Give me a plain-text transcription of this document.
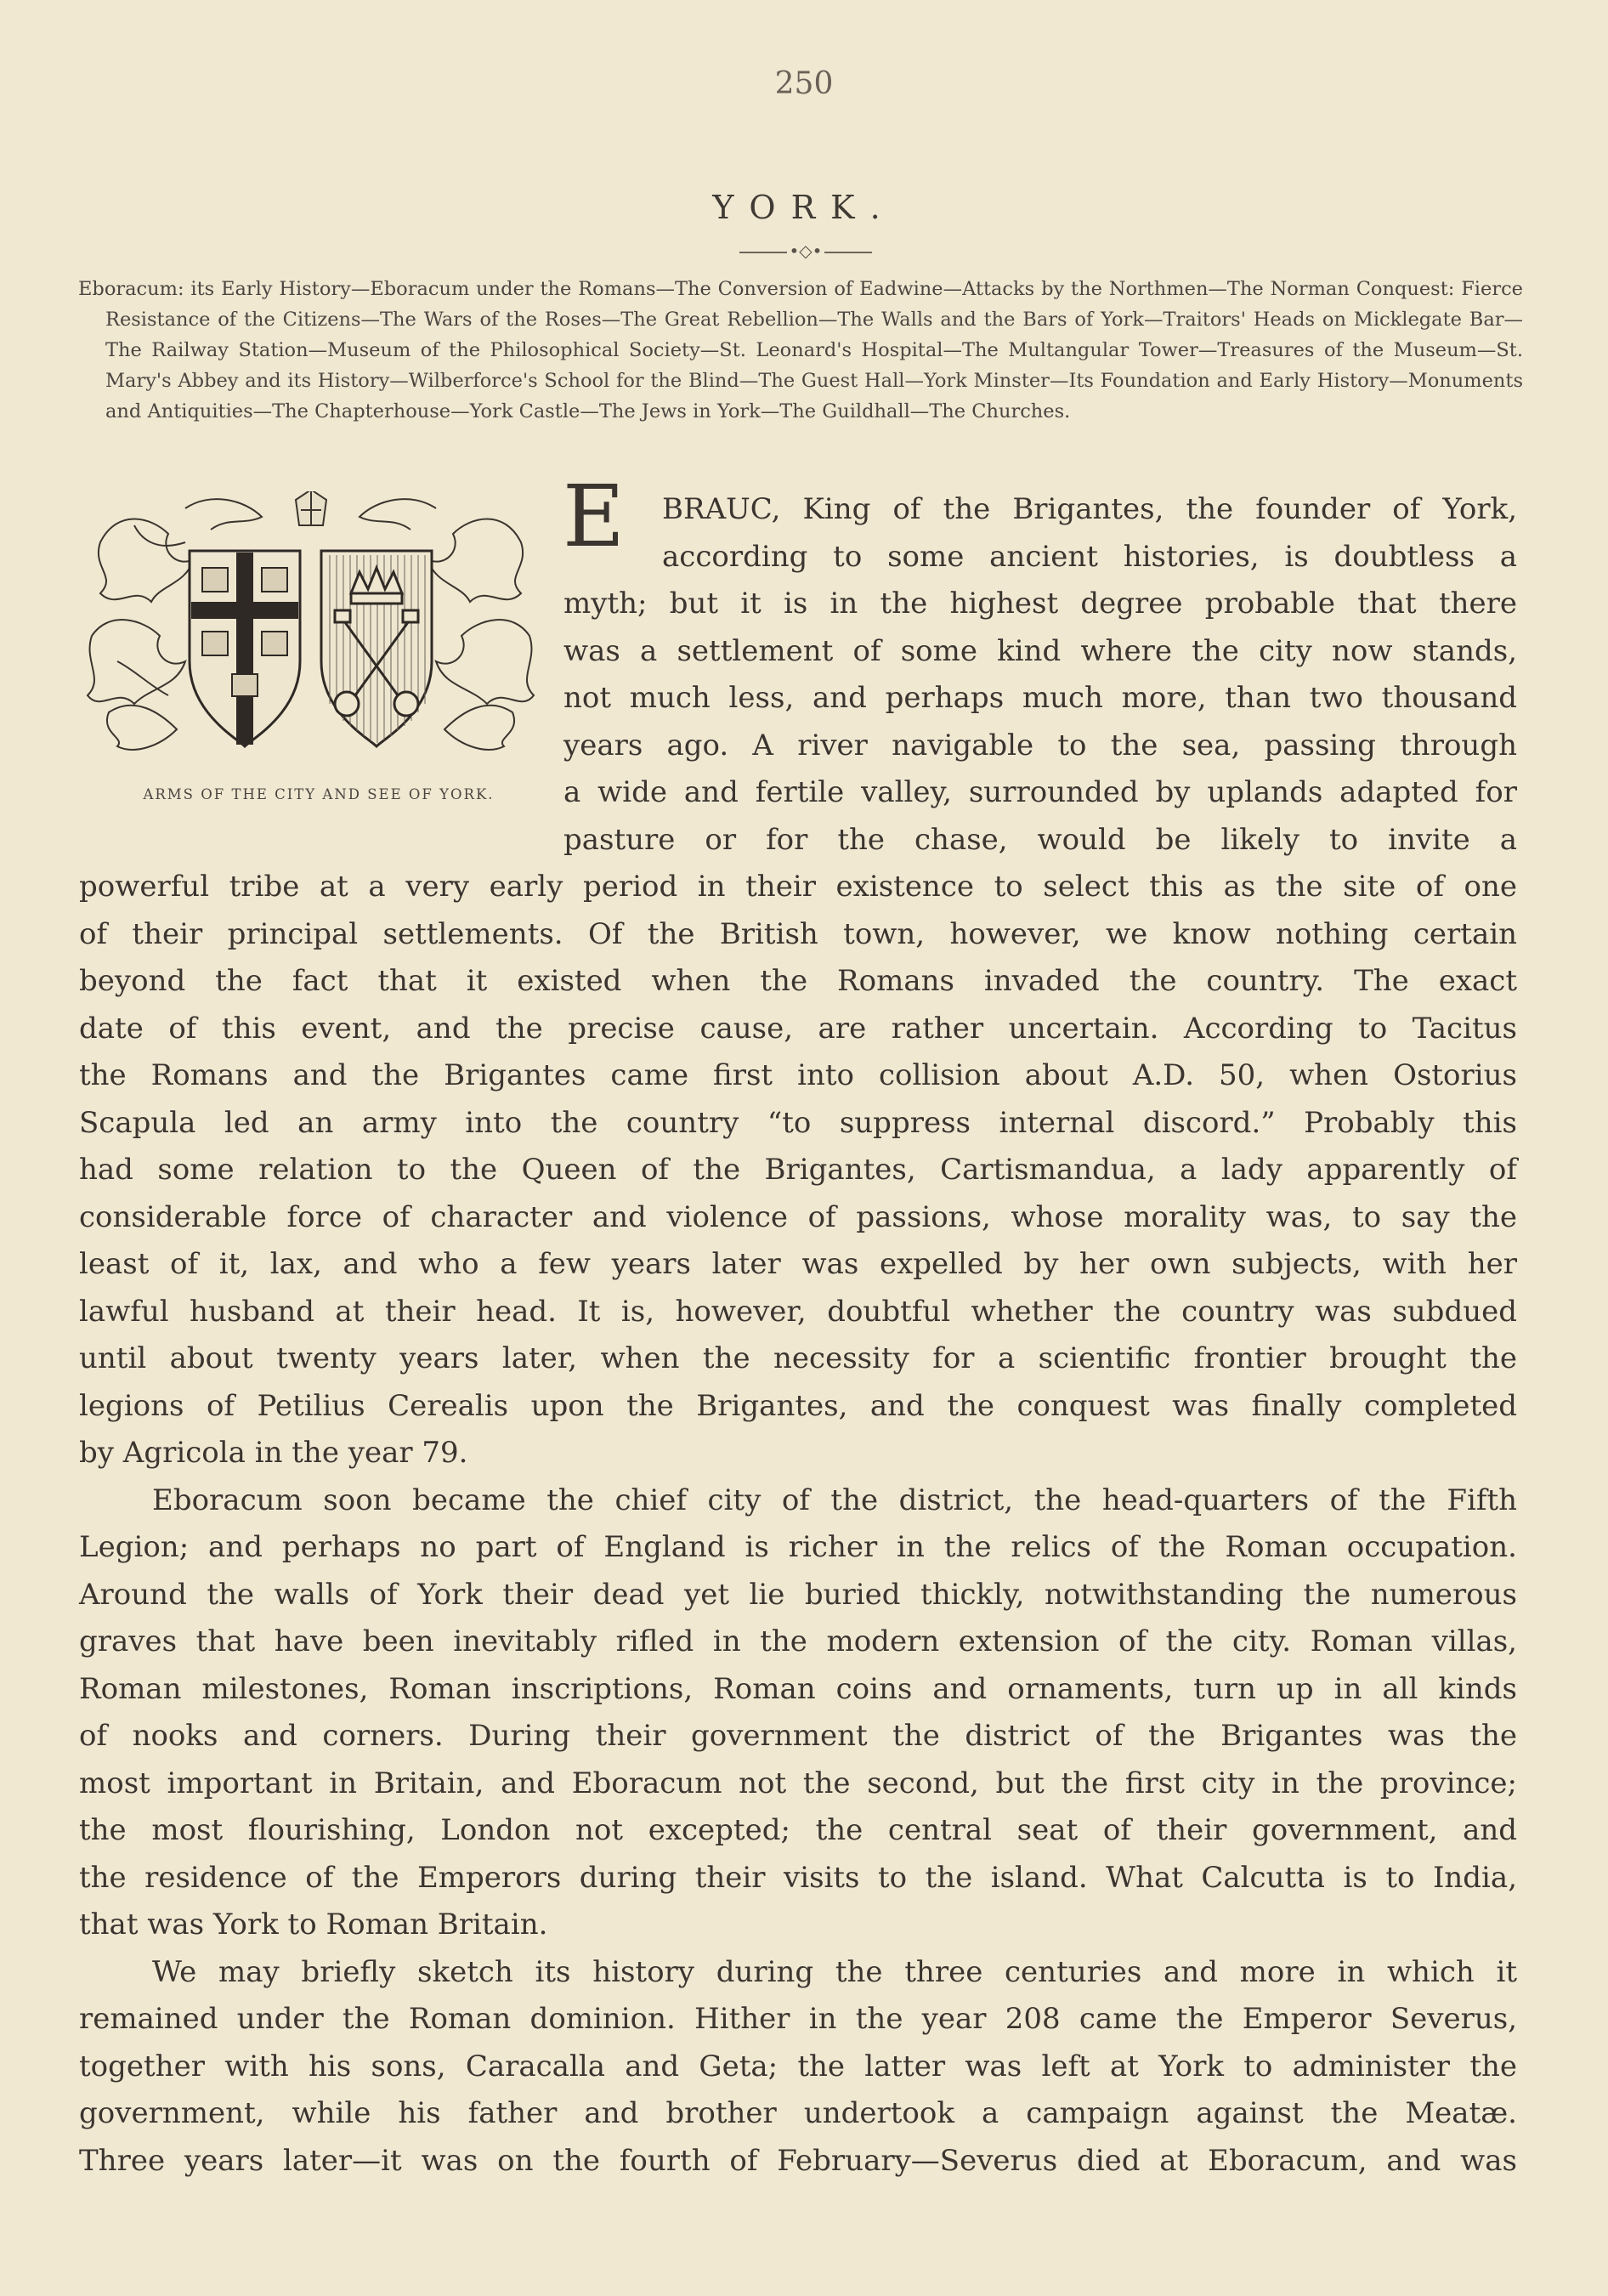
250
YORK.
•◇•

Eboracum: its Early History—Eboracum under the Romans—The Conversion of Eadwine—Attacks by the Northmen—The Norman Conquest: Fierce Resistance of the Citizens—The Wars of the Roses—The Great Rebellion—The Walls and the Bars of York—Traitors' Heads on Micklegate Bar—The Railway Station—Museum of the Philosophical Society—St. Leonard's Hospital—The Multangular Tower—Treasures of the Museum—St. Mary's Abbey and its History—Wilberforce's School for the Blind—The Guest Hall—York Minster—Its Foundation and Early History—Monuments and Antiquities—The Chapterhouse—York Castle—The Jews in York—The Guildhall—The Churches.

ARMS OF THE CITY AND SEE OF YORK.
E	BRAUC, King of the Brigantes, the founder of York,
according to some ancient histories, is doubtless a
myth; but it is in the highest degree probable that there
was a settlement of some kind where the city now stands,
not much less, and perhaps much more, than two thousand
years ago. A river navigable to the sea, passing through
a wide and fertile valley, surrounded by uplands adapted for
pasture or for the chase, would be likely to invite a
powerful tribe at a very early period in their existence to select this as the site of one
of their principal settlements. Of the British town, however, we know nothing certain
beyond the fact that it existed when the Romans invaded the country. The exact
date of this event, and the precise cause, are rather uncertain. According to Tacitus
the Romans and the Brigantes came first into collision about A.D. 50, when Ostorius
Scapula led an army into the country “to suppress internal discord.” Probably this
had some relation to the Queen of the Brigantes, Cartismandua, a lady apparently of
considerable force of character and violence of passions, whose morality was, to say the
least of it, lax, and who a few years later was expelled by her own subjects, with her
lawful husband at their head. It is, however, doubtful whether the country was subdued
until about twenty years later, when the necessity for a scientific frontier brought the
legions of Petilius Cerealis upon the Brigantes, and the conquest was finally completed
by Agricola in the year 79.
Eboracum soon became the chief city of the district, the head-quarters of the Fifth
Legion; and perhaps no part of England is richer in the relics of the Roman occupation.
Around the walls of York their dead yet lie buried thickly, notwithstanding the numerous
graves that have been inevitably rifled in the modern extension of the city. Roman villas,
Roman milestones, Roman inscriptions, Roman coins and ornaments, turn up in all kinds
of nooks and corners. During their government the district of the Brigantes was the
most important in Britain, and Eboracum not the second, but the first city in the province;
the most flourishing, London not excepted; the central seat of their government, and
the residence of the Emperors during their visits to the island. What Calcutta is to India,
that was York to Roman Britain.
We may briefly sketch its history during the three centuries and more in which it
remained under the Roman dominion. Hither in the year 208 came the Emperor Severus,
together with his sons, Caracalla and Geta; the latter was left at York to administer the
government, while his father and brother undertook a campaign against the Meatæ.
Three years later—it was on the fourth of February—Severus died at Eboracum, and was
